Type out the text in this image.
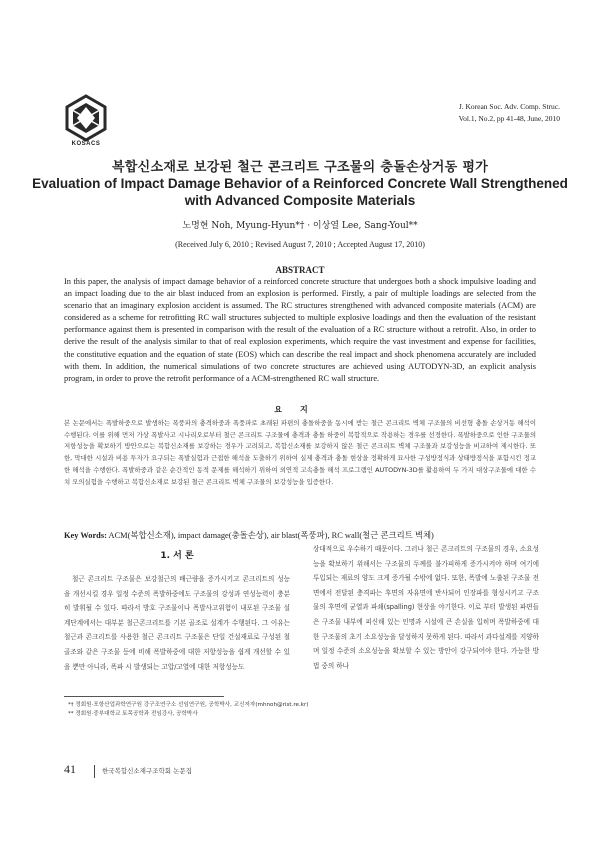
KOSACS
J. Korean Soc. Adv. Comp. Struc.
Vol.1, No.2, pp 41-48, June, 2010
복합신소재로 보강된 철근 콘크리트 구조물의 충돌손상거동 평가
Evaluation of Impact Damage Behavior of a Reinforced Concrete Wall Strengthened with Advanced Composite Materials
노명현 Noh, Myung-Hyun*† · 이상열 Lee, Sang-Youl**
(Received July 6, 2010 ; Revised August 7, 2010 ; Accepted August 17, 2010)
ABSTRACT
In this paper, the analysis of impact damage behavior of a reinforced concrete structure that undergoes both a shock impulsive loading and an impact loading due to the air blast induced from an explosion is performed. Firstly, a pair of multiple loadings are selected from the scenario that an imaginary explosion accident is assumed. The RC structures strengthened with advanced composite materials (ACM) are considered as a scheme for retrofitting RC wall structures subjected to multiple explosive loadings and then the evaluation of the resistant performance against them is presented in comparison with the result of the evaluation of a RC structure without a retrofit. Also, in order to derive the result of the analysis similar to that of real explosion experiments, which require the vast investment and expense for facilities, the constitutive equation and the equation of state (EOS) which can describe the real impact and shock phenomena accurately are included with them. In addition, the numerical simulations of two concrete structures are achieved using AUTODYN-3D, an explicit analysis program, in order to prove the retrofit performance of a ACM-strengthened RC wall structure.
요지
본 논문에서는 폭발하중으로 발생하는 폭풍파의 충격하중과 폭풍파로 초래된 파편의 충돌하중을 동시에 받는 철근 콘크리트 벽체 구조물의 비선형 충돌 손상거동 해석이 수행된다. 이를 위해 먼저 가상 폭발사고 시나리오로부터 철근 콘크리트 구조물에 충격과 충돌 하중이 복합적으로 작용하는 경우를 선정한다. 폭발하중으로 인한 구조물의 저항성능을 확보하기 방안으로는 복합신소재를 보강하는 경우가 고려되고, 복합신소재를 보강하지 않은 철근 콘크리트 벽체 구조물과 보강성능을 비교하여 제시한다. 또한, 막대한 시설과 비용 투자가 요구되는 폭발실험과 근접한 해석을 도출하기 위하여 실제 충격과 충돌 현상을 정확하게 묘사한 구성방정식과 상태방정식을 포함시킨 정교한 해석을 수행한다. 폭발하중과 같은 순간적인 동적 문제를 해석하기 위하여 외연적 고속충돌 해석 프로그램인 AUTODYN-3D를 활용하여 두 가지 대상구조물에 대한 수치 모의실험을 수행하고 복합신소재로 보강된 철근 콘크리트 벽체 구조물의 보강성능을 입증한다.
Key Words: ACM(복합신소재), impact damage(충돌손상), air blast(폭풍파), RC wall(철근 콘크리트 벽체)
1. 서 론
철근 콘크리트 구조물은 보강철근의 배근량을 증가시키고 콘크리트의 성능을 개선시킬 경우 일정 수준의 폭발하중에도 구조물의 강성과 연성능력이 충분히 발휘될 수 있다. 따라서 방호 구조물이나 폭발사고위험이 내포된 구조물 설계단계에서는 대부분 철근콘크리트를 기본 골조로 설계가 수행된다. 그 이유는 철근과 콘크리트를 사용한 철근 콘크리트 구조물은 단일 건설재료로 구성된 철골조와 같은 구조물 등에 비해 폭발하중에 대한 저항성능을 쉽게 개선할 수 있을 뿐만 아니라, 폭파 시 발생되는 고압/고열에 대한 저항성능도
상대적으로 우수하기 때문이다. 그러나 철근 콘크리트의 구조물의 경우, 소요성능을 확보하기 위해서는 구조물의 두께를 불가피하게 증가시켜야 하며 여기에 투입되는 재료의 양도 크게 증가될 수밖에 없다. 또한, 폭발에 노출된 구조물 전면에서 전달된 충격파는 후면의 자유면에 반사되어 인장파를 형성시키고 구조물의 후면에 균열과 파쇄(spalling) 현상을 야기한다. 이로 부터 발생된 파편들은 구조물 내부에 피신해 있는 인명과 시설에 큰 손실을 입히며 폭발하중에 대한 구조물의 초기 소요성능을 달성하지 못하게 된다. 따라서 과다설계를 지양하며 일정 수준의 소요성능을 확보할 수 있는 방안이 강구되어야 한다. 가능한 방법 중의 하나
*† 정회원·포항산업과학연구원 강구조연구소 선임연구원, 공학박사, 교신저자(mhnoh@rist.re.kr)
** 정회원·중부대학교 토목공학과 전임강사, 공학박사
41	한국복합신소재구조학회 논문집
